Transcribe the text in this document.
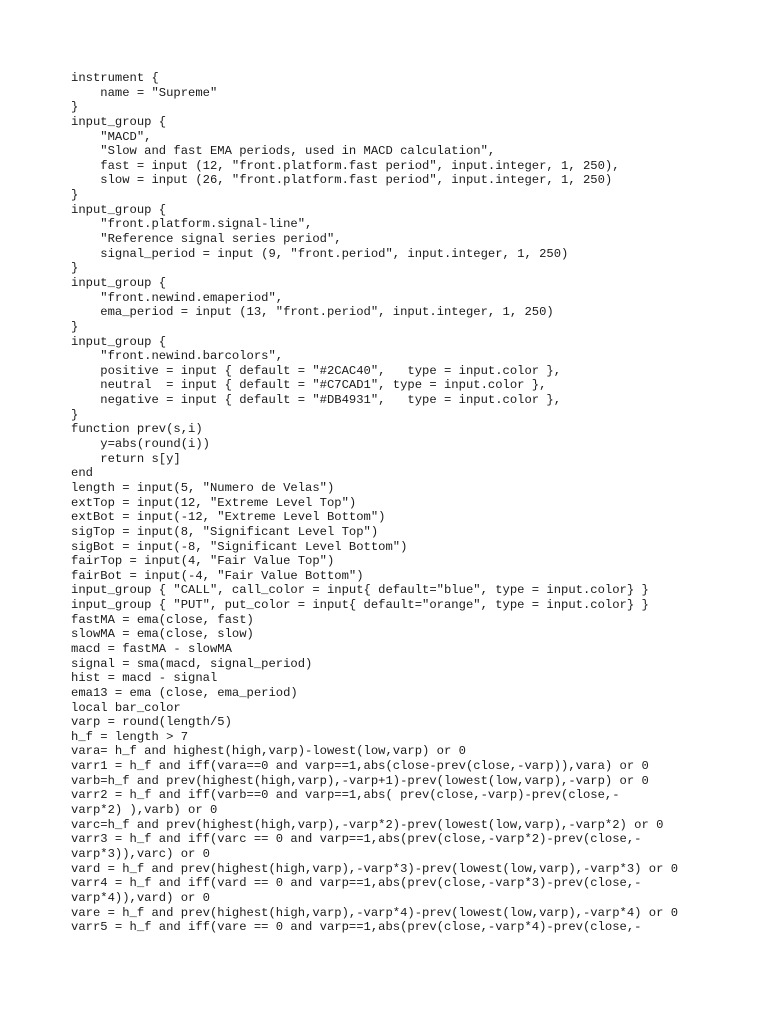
instrument {
name = "Supreme"
}
input_group {
"MACD",
"Slow and fast EMA periods, used in MACD calculation",
fast = input (12, "front.platform.fast period", input.integer, 1, 250),
slow = input (26, "front.platform.fast period", input.integer, 1, 250)
}
input_group {
"front.platform.signal-line",
"Reference signal series period",
signal_period = input (9, "front.period", input.integer, 1, 250)
}
input_group {
"front.newind.emaperiod",
ema_period = input (13, "front.period", input.integer, 1, 250)
}
input_group {
"front.newind.barcolors",
positive = input { default = "#2CAC40",   type = input.color },
neutral  = input { default = "#C7CAD1", type = input.color },
negative = input { default = "#DB4931",   type = input.color },
}
function prev(s,i)
y=abs(round(i))
return s[y]
end
length = input(5, "Numero de Velas")
extTop = input(12, "Extreme Level Top")
extBot = input(-12, "Extreme Level Bottom")
sigTop = input(8, "Significant Level Top")
sigBot = input(-8, "Significant Level Bottom")
fairTop = input(4, "Fair Value Top")
fairBot = input(-4, "Fair Value Bottom")
input_group { "CALL", call_color = input{ default="blue", type = input.color} }
input_group { "PUT", put_color = input{ default="orange", type = input.color} }
fastMA = ema(close, fast)
slowMA = ema(close, slow)
macd = fastMA - slowMA
signal = sma(macd, signal_period)
hist = macd - signal
ema13 = ema (close, ema_period)
local bar_color
varp = round(length/5)
h_f = length > 7
vara= h_f and highest(high,varp)-lowest(low,varp) or 0
varr1 = h_f and iff(vara==0 and varp==1,abs(close-prev(close,-varp)),vara) or 0
varb=h_f and prev(highest(high,varp),-varp+1)-prev(lowest(low,varp),-varp) or 0
varr2 = h_f and iff(varb==0 and varp==1,abs( prev(close,-varp)-prev(close,-
varp*2) ),varb) or 0
varc=h_f and prev(highest(high,varp),-varp*2)-prev(lowest(low,varp),-varp*2) or 0
varr3 = h_f and iff(varc == 0 and varp==1,abs(prev(close,-varp*2)-prev(close,-
varp*3)),varc) or 0
vard = h_f and prev(highest(high,varp),-varp*3)-prev(lowest(low,varp),-varp*3) or 0
varr4 = h_f and iff(vard == 0 and varp==1,abs(prev(close,-varp*3)-prev(close,-
varp*4)),vard) or 0
vare = h_f and prev(highest(high,varp),-varp*4)-prev(lowest(low,varp),-varp*4) or 0
varr5 = h_f and iff(vare == 0 and varp==1,abs(prev(close,-varp*4)-prev(close,-
